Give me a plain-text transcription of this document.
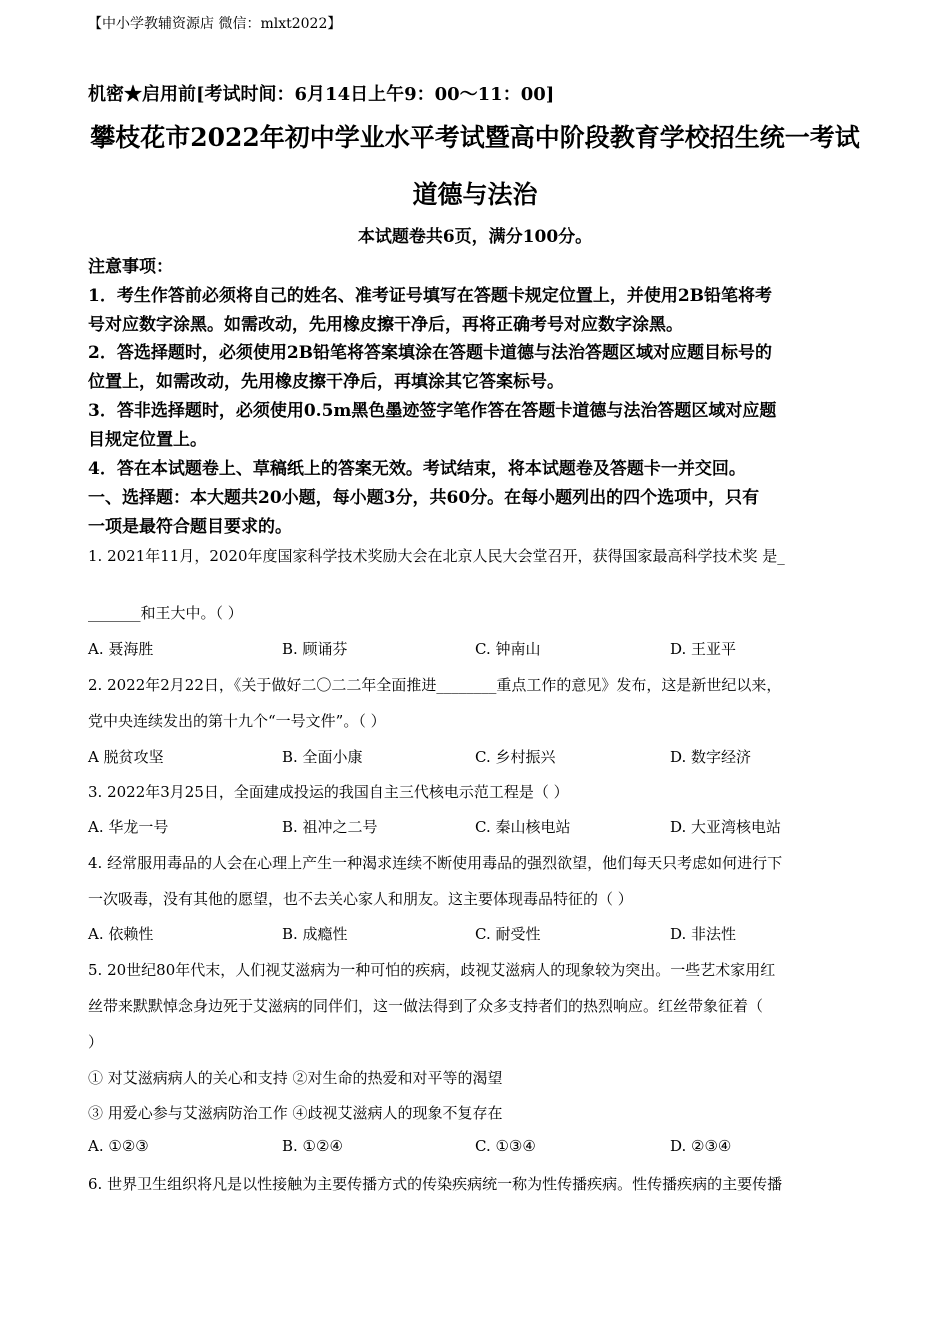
【中小学教辅资源店 微信：mlxt2022】
机密★启用前[考试时间：6月14日上午9：00～11：00]
攀枝花市2022年初中学业水平考试暨高中阶段教育学校招生统一考试
道德与法治
本试题卷共6页，满分100分。
注意事项：
1．考生作答前必须将自己的姓名、准考证号填写在答题卡规定位置上，并使用2B铅笔将考
号对应数字涂黑。如需改动，先用橡皮擦干净后，再将正确考号对应数字涂黑。
2．答选择题时，必须使用2B铅笔将答案填涂在答题卡道德与法治答题区域对应题目标号的
位置上，如需改动，先用橡皮擦干净后，再填涂其它答案标号。
3．答非选择题时，必须使用0.5m黑色墨迹签字笔作答在答题卡道德与法治答题区域对应题
目规定位置上。
4．答在本试题卷上、草稿纸上的答案无效。考试结束，将本试题卷及答题卡一并交回。
一、选择题：本大题共20小题，每小题3分，共60分。在每小题列出的四个选项中，只有
一项是最符合题目要求的。
1. 2021年11月，2020年度国家科学技术奖励大会在北京人民大会堂召开，获得国家最高科学技术奖 是_
_______和王大中。（ ）
A. 聂海胜	B. 顾诵芬	C. 钟南山	D. 王亚平
2. 2022年2月22日，《关于做好二〇二二年全面推进________重点工作的意见》发布，这是新世纪以来，
党中央连续发出的第十九个“一号文件”。（ ）
A 脱贫攻坚	B. 全面小康	C. 乡村振兴	D. 数字经济
3. 2022年3月25日，全面建成投运的我国自主三代核电示范工程是（ ）
A. 华龙一号	B. 祖冲之二号	C. 秦山核电站	D. 大亚湾核电站
4. 经常服用毒品的人会在心理上产生一种渴求连续不断使用毒品的强烈欲望，他们每天只考虑如何进行下
一次吸毒，没有其他的愿望，也不去关心家人和朋友。这主要体现毒品特征的（ ）
A. 依赖性	B. 成瘾性	C. 耐受性	D. 非法性
5. 20世纪80年代末，人们视艾滋病为一种可怕的疾病，歧视艾滋病人的现象较为突出。一些艺术家用红
丝带来默默悼念身边死于艾滋病的同伴们，这一做法得到了众多支持者们的热烈响应。红丝带象征着（
）
① 对艾滋病病人的关心和支持 ②对生命的热爱和对平等的渴望
③ 用爱心参与艾滋病防治工作 ④歧视艾滋病人的现象不复存在
A. ①②③	B. ①②④	C. ①③④	D. ②③④
6. 世界卫生组织将凡是以性接触为主要传播方式的传染疾病统一称为性传播疾病。性传播疾病的主要传播
